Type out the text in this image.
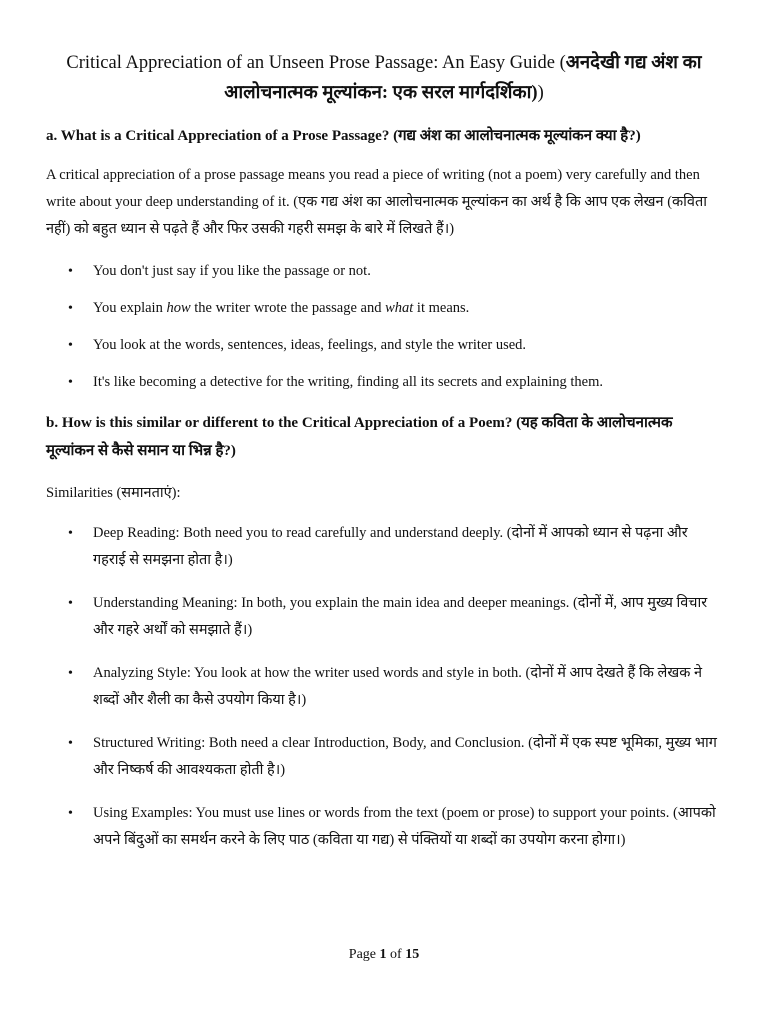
Critical Appreciation of an Unseen Prose Passage: An Easy Guide (अनदेखी गद्य अंश का आलोचनात्मक मूल्यांकन: एक सरल मार्गदर्शिका))
a. What is a Critical Appreciation of a Prose Passage? (गद्य अंश का आलोचनात्मक मूल्यांकन क्या है?)

A critical appreciation of a prose passage means you read a piece of writing (not a poem) very carefully and then write about your deep understanding of it. (एक गद्य अंश का आलोचनात्मक मूल्यांकन का अर्थ है कि आप एक लेखन (कविता नहीं) को बहुत ध्यान से पढ़ते हैं और फिर उसकी गहरी समझ के बारे में लिखते हैं।)

• You don't just say if you like the passage or not.
• You explain how the writer wrote the passage and what it means.
• You look at the words, sentences, ideas, feelings, and style the writer used.
• It's like becoming a detective for the writing, finding all its secrets and explaining them.
b. How is this similar or different to the Critical Appreciation of a Poem? (यह कविता के आलोचनात्मक मूल्यांकन से कैसे समान या भिन्न है?)

Similarities (समानताएं):

• Deep Reading: Both need you to read carefully and understand deeply. (दोनों में आपको ध्यान से पढ़ना और गहराई से समझना होता है।)
• Understanding Meaning: In both, you explain the main idea and deeper meanings. (दोनों में, आप मुख्य विचार और गहरे अर्थों को समझाते हैं।)
• Analyzing Style: You look at how the writer used words and style in both. (दोनों में आप देखते हैं कि लेखक ने शब्दों और शैली का कैसे उपयोग किया है।)
• Structured Writing: Both need a clear Introduction, Body, and Conclusion. (दोनों में एक स्पष्ट भूमिका, मुख्य भाग और निष्कर्ष की आवश्यकता होती है।)
• Using Examples: You must use lines or words from the text (poem or prose) to support your points. (आपको अपने बिंदुओं का समर्थन करने के लिए पाठ (कविता या गद्य) से पंक्तियों या शब्दों का उपयोग करना होगा।)
Page 1 of 15
